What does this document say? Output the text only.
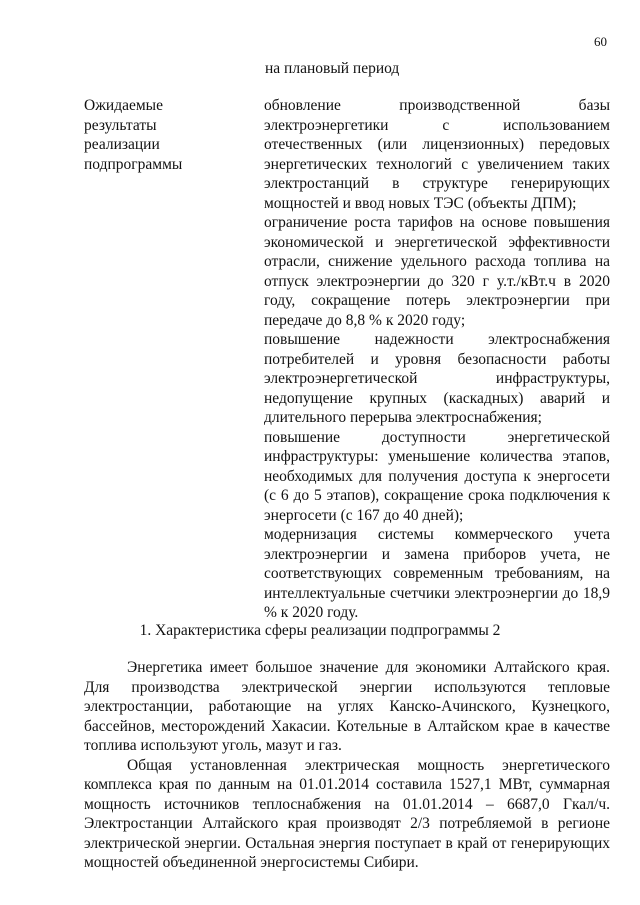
60
на плановый период
Ожидаемые
результаты
реализации
подпрограммы

обновление производственной базы электроэнергетики с использованием отечественных (или лицензионных) передовых энергетических технологий с увеличением таких электростанций в структуре генерирующих мощностей и ввод новых ТЭС (объекты ДПМ);

ограничение роста тарифов на основе повышения экономической и энергетической эффективности отрасли, снижение удельного расхода топлива на отпуск электроэнергии до 320 г у.т./кВт.ч в 2020 году, сокращение потерь электроэнергии при передаче до 8,8 % к 2020 году;

повышение надежности электроснабжения потребителей и уровня безопасности работы электроэнергетической инфраструктуры, недопущение крупных (каскадных) аварий и длительного перерыва электроснабжения;

повышение доступности энергетической инфраструктуры: уменьшение количества этапов, необходимых для получения доступа к энергосети (с 6 до 5 этапов), сокращение срока подключения к энергосети (с 167 до 40 дней);

модернизация системы коммерческого учета электроэнергии и замена приборов учета, не соответствующих современным требованиям, на интеллектуальные счетчики электроэнергии до 18,9 % к 2020 году.

1. Характеристика сферы реализации подпрограммы 2

Энергетика имеет большое значение для экономики Алтайского края. Для производства электрической энергии используются тепловые электростанции, работающие на углях Канско-Ачинского, Кузнецкого, бассейнов, месторождений Хакасии. Котельные в Алтайском крае в качестве топлива используют уголь, мазут и газ.

Общая установленная электрическая мощность энергетического комплекса края по данным на 01.01.2014 составила 1527,1 МВт, суммарная мощность источников теплоснабжения на 01.01.2014 – 6687,0 Гкал/ч. Электростанции Алтайского края производят 2/3 потребляемой в регионе электрической энергии. Остальная энергия поступает в край от генерирующих мощностей объединенной энергосистемы Сибири.
